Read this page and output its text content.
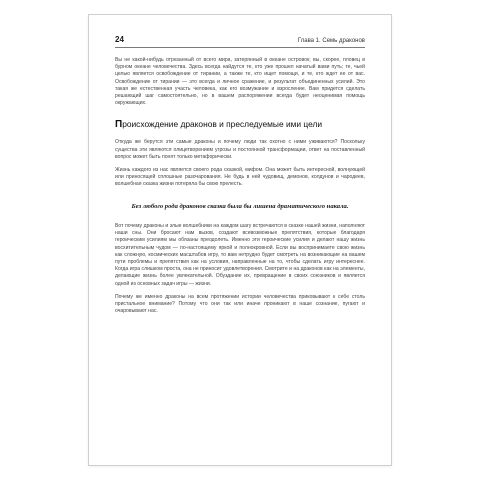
24	Глава 1. Семь драконов

Вы не какой-нибудь отрезанный от всего мира, затерянный в океане островок; вы, скорее, пловец в бурном океане человечества. Здесь всегда найдутся те, кто уже прошел начатый вами путь; те, чьей целью является освобождение от тирании, а также те, кто ищет помощи, и те, кто ждет ее от вас. Освобождение от тирании — это всегда и личное сражение, и результат объединенных усилий. Это такая же естественная участь человека, как его возмужание и взросление. Вам придется сделать решающий шаг самостоятельно, но в вашем распоряжении всегда будет неоценимая помощь окружающих.

Происхождение драконов и преследуемые ими цели

Откуда же берутся эти самые драконы и почему люди так охотно с ними уживаются? Поскольку существа эти являются олицетворением угрозы и постоянной трансформации, ответ на поставленный вопрос может быть понят только метафорически.

Жизнь каждого из нас является своего рода сказкой, мифом. Она может быть интересной, волнующей или приносящей сплошные разочарования. Не будь в ней чудовищ, демонов, колдунов и чародеев, волшебная сказка жизни потеряла бы свою прелесть.

Без любого рода драконов сказка была бы лишена драматического накала.

Вот почему драконы и злые волшебники на каждом шагу встречаются в сказке нашей жизни, наполняют наши сны. Они бросают нам вызов, создают всевозможные препятствия, которые благодаря героическим усилиям мы обязаны преодолеть. Именно эти героические усилия и делают нашу жизнь восхитительным чудом — по-настоящему яркой и полнокровной. Если вы воспринимаете свою жизнь как сложную, космических масштабов игру, то вам нетрудно будет смотреть на возникающие на вашем пути проблемы и препятствия как на условия, направленные на то, чтобы сделать игру интереснее. Когда игра слишком проста, она не приносит удовлетворения. Смотрите и на драконов как на элементы, делающие жизнь более увлекательной. Обуздание их, превращение в своих союзников и является одной из основных задач игры — жизни.

Почему же именно драконы на всем протяжении истории человечества приковывают к себе столь пристальное внимание? Потому что они так или иначе проникают в наше сознание, пугают и очаровывают нас.
